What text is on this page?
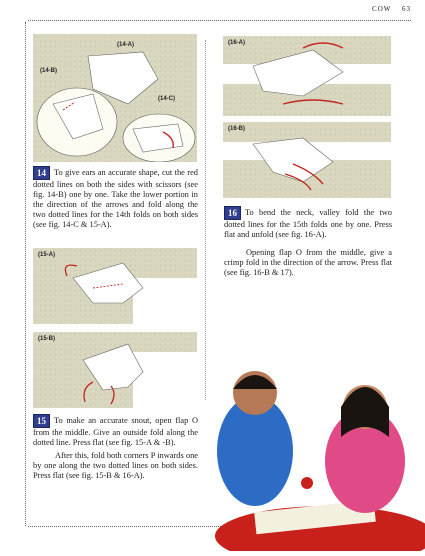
COW 63
(14-A)
(14-B)
(14-C)
14 To give ears an accurate shape, cut the red dotted lines on both the sides with scissors (see fig. 14-B) one by one. Take the lower portion in the direction of the arrows and fold along the two dotted lines for the 14th folds on both sides (see fig. 14-C & 15-A).
(15-A)
(15-B)
15 To make an accurate snout, open flap O from the middle. Give an outside fold along the dotted line. Press flat (see fig. 15-A & -B).
After this, fold both corners P inwards one by one along the two dotted lines on both sides. Press flat (see fig. 15-B & 16-A).
(16-A)
(16-B)
16 To bend the neck, valley fold the two dotted lines for the 15th folds one by one. Press flat and unfold (see fig. 16-A).
Opening flap O from the middle, give a crimp fold in the direction of the arrow. Press flat (see fig. 16-B & 17).
